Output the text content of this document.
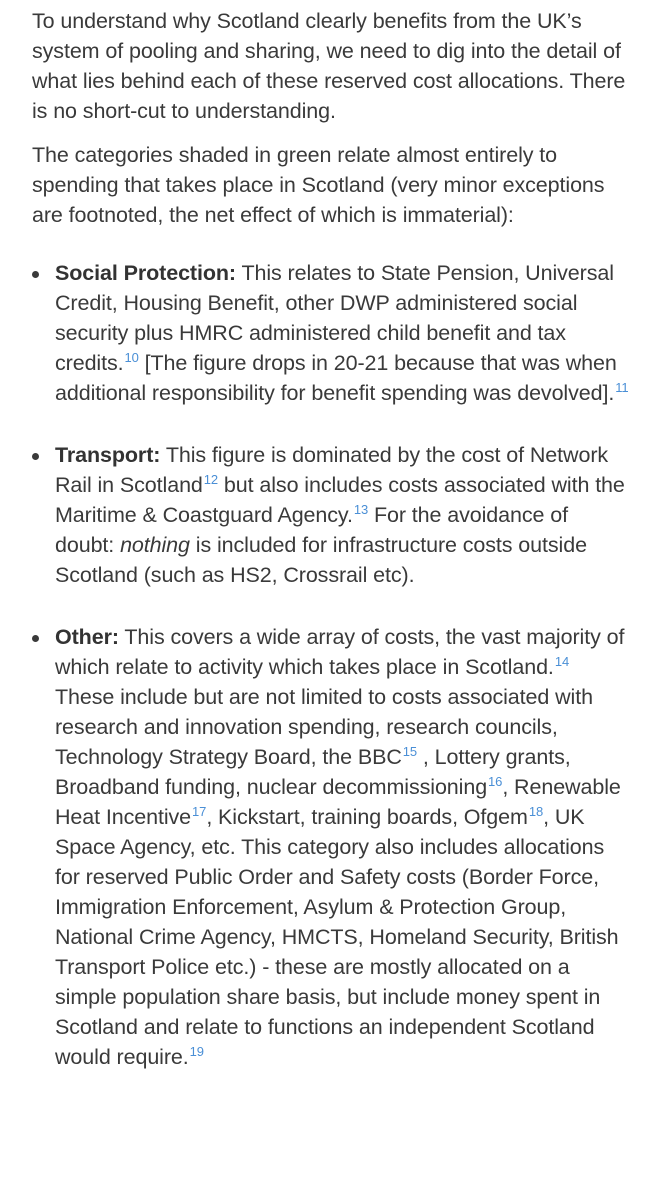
To understand why Scotland clearly benefits from the UK’s system of pooling and sharing, we need to dig into the detail of what lies behind each of these reserved cost allocations. There is no short-cut to understanding.

The categories shaded in green relate almost entirely to spending that takes place in Scotland (very minor exceptions are footnoted, the net effect of which is immaterial):

Social Protection: This relates to State Pension, Universal Credit, Housing Benefit, other DWP administered social security plus HMRC administered child benefit and tax credits.$^{10}$ [The figure drops in 20-21 because that was when additional responsibility for benefit spending was devolved].$^{11}$
Transport: This figure is dominated by the cost of Network Rail in Scotland$^{12}$ but also includes costs associated with the Maritime & Coastguard Agency.$^{13}$ For the avoidance of doubt: nothing is included for infrastructure costs outside Scotland (such as HS2, Crossrail etc).
Other: This covers a wide array of costs, the vast majority of which relate to activity which takes place in Scotland.$^{14}$ These include but are not limited to costs associated with research and innovation spending, research councils, Technology Strategy Board, the BBC$^{15}$ , Lottery grants, Broadband funding, nuclear decommissioning$^{16}$, Renewable Heat Incentive$^{17}$, Kickstart, training boards, Ofgem$^{18}$, UK Space Agency, etc. This category also includes allocations for reserved Public Order and Safety costs (Border Force, Immigration Enforcement, Asylum & Protection Group, National Crime Agency, HMCTS, Homeland Security, British Transport Police etc.) - these are mostly allocated on a simple population share basis, but include money spent in Scotland and relate to functions an independent Scotland would require.$^{19}$
